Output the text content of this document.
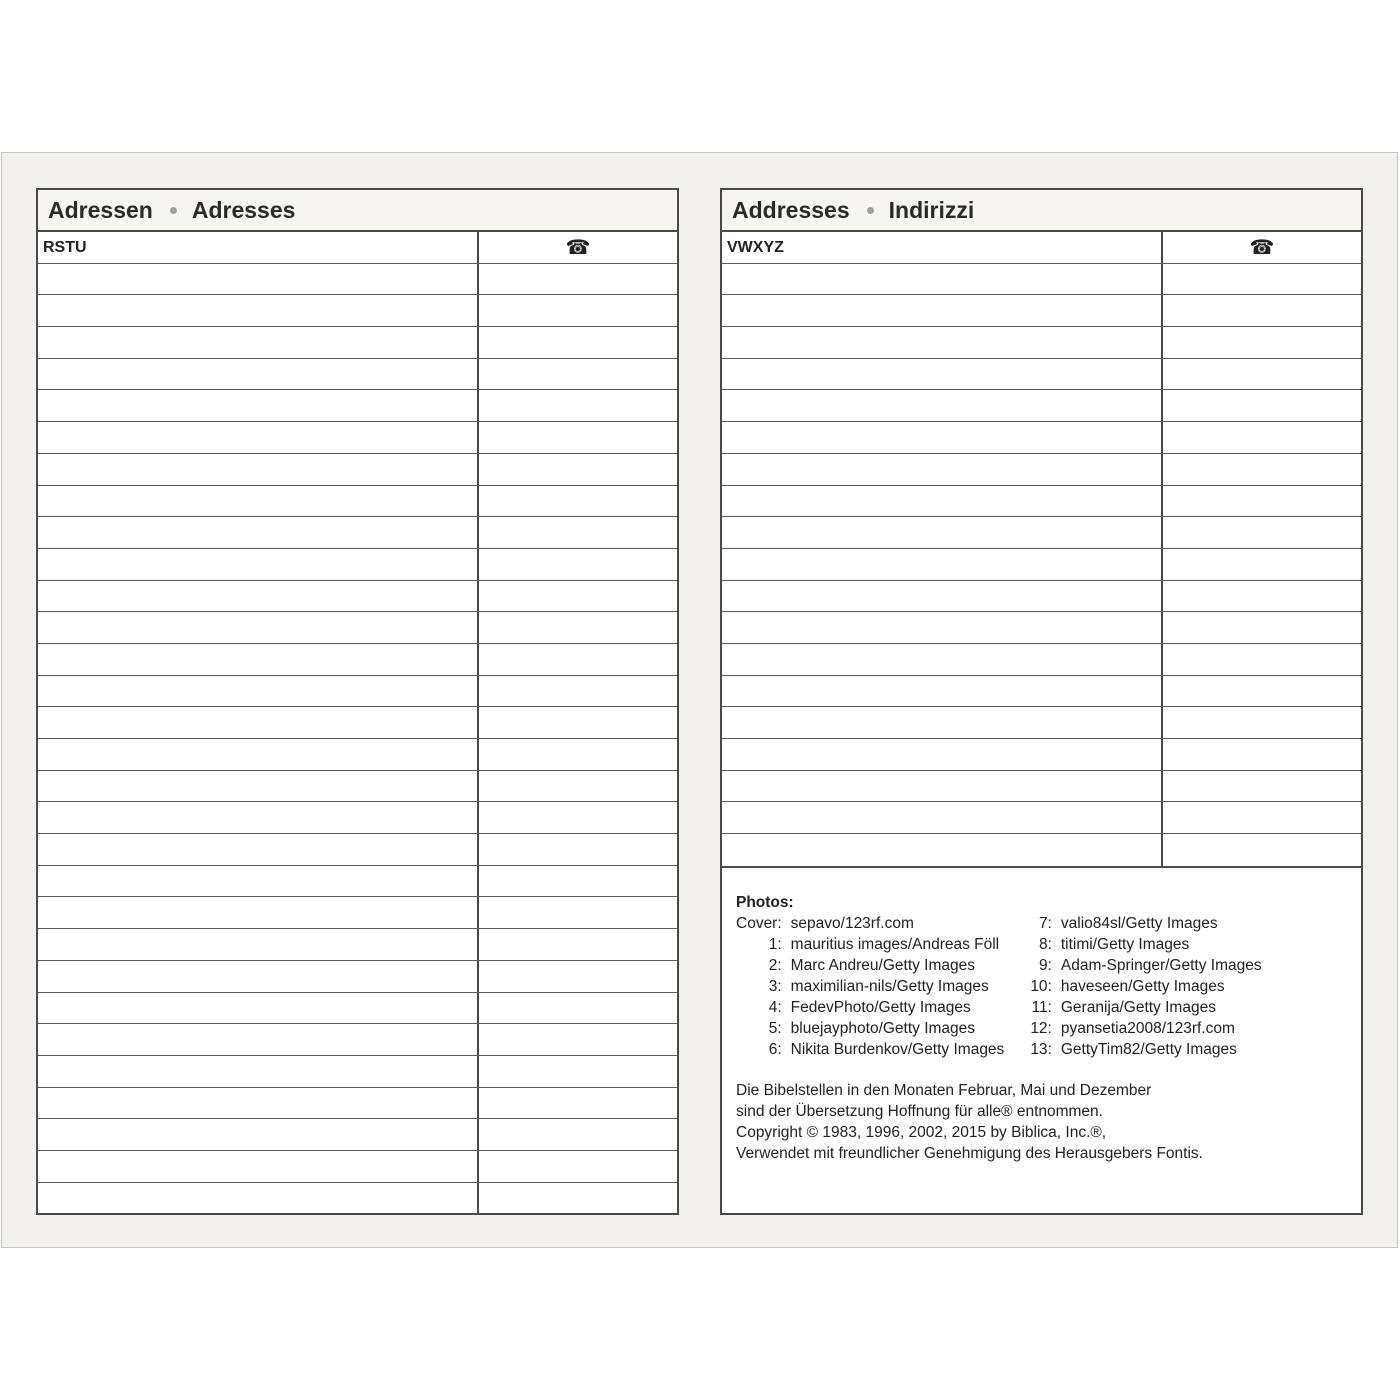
Adressen Adresses
RSTU	☎
Addresses Indirizzi
VWXYZ	☎
Photos:
Cover:	sepavo/123rf.com
1:	mauritius images/Andreas Föll
2:	Marc Andreu/Getty Images
3:	maximilian-nils/Getty Images
4:	FedevPhoto/Getty Images
5:	bluejayphoto/Getty Images
6:	Nikita Burdenkov/Getty Images
7:	valio84sl/Getty Images
8:	titimi/Getty Images
9:	Adam-Springer/Getty Images
10:	haveseen/Getty Images
11:	Geranija/Getty Images
12:	pyansetia2008/123rf.com
13:	GettyTim82/Getty Images
Die Bibelstellen in den Monaten Februar, Mai und Dezember
sind der Übersetzung Hoffnung für alle® entnommen.
Copyright © 1983, 1996, 2002, 2015 by Biblica, Inc.®,
Verwendet mit freundlicher Genehmigung des Herausgebers Fontis.
